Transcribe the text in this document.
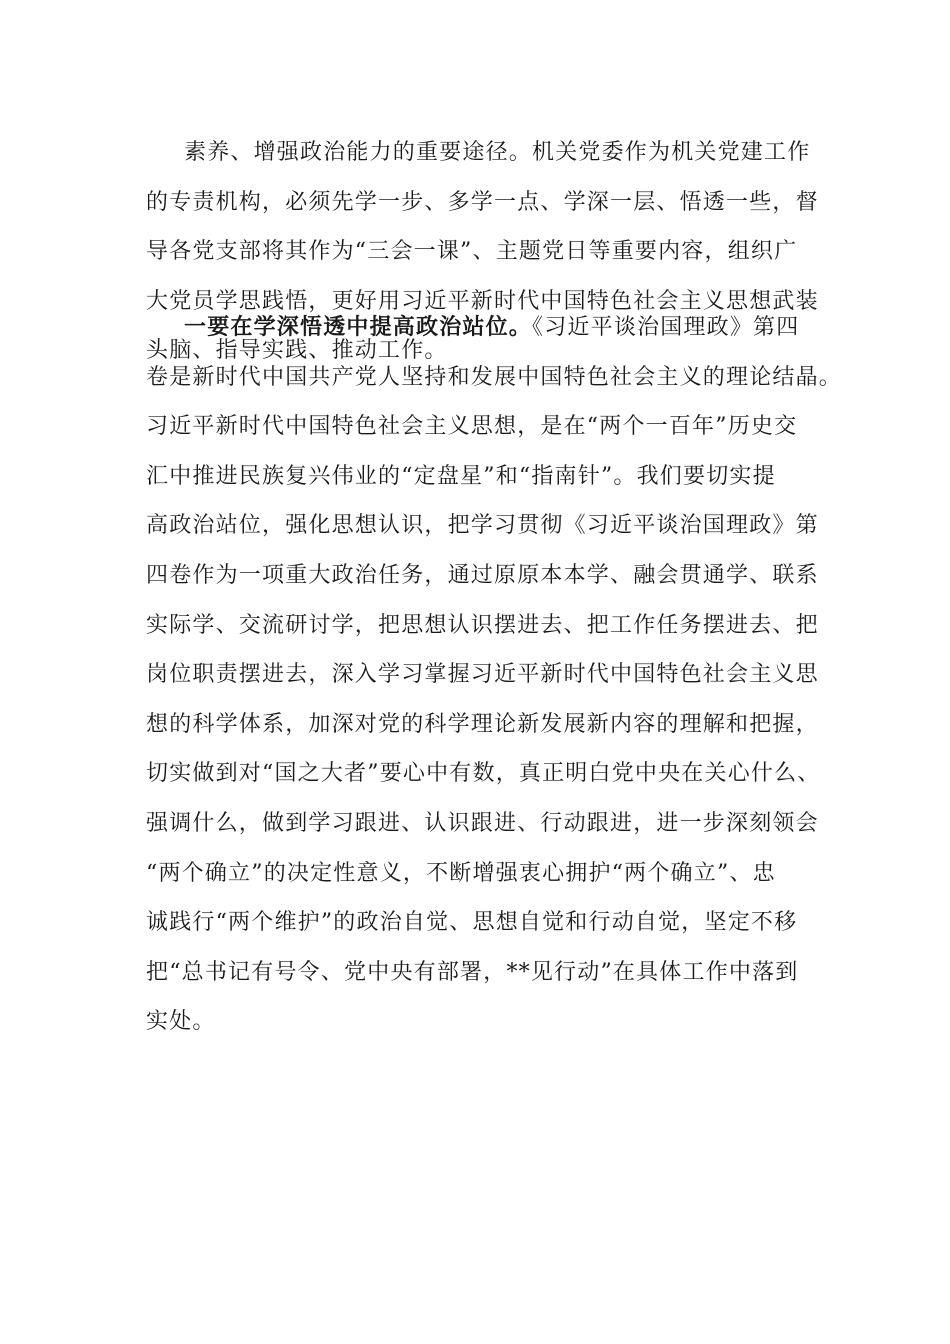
素养、增强政治能力的重要途径。机关党委作为机关党建工作
的专责机构，必须先学一步、多学一点、学深一层、悟透一些，督
导各党支部将其作为“三会一课”、主题党日等重要内容，组织广
大党员学思践悟，更好用习近平新时代中国特色社会主义思想武装
头脑、指导实践、推动工作。
一要在学深悟透中提高政治站位。《习近平谈治国理政》第四
卷是新时代中国共产党人坚持和发展中国特色社会主义的理论结晶。
习近平新时代中国特色社会主义思想，是在“两个一百年”历史交
汇中推进民族复兴伟业的“定盘星”和“指南针”。我们要切实提
高政治站位，强化思想认识，把学习贯彻《习近平谈治国理政》第
四卷作为一项重大政治任务，通过原原本本学、融会贯通学、联系
实际学、交流研讨学，把思想认识摆进去、把工作任务摆进去、把
岗位职责摆进去，深入学习掌握习近平新时代中国特色社会主义思
想的科学体系，加深对党的科学理论新发展新内容的理解和把握，
切实做到对“国之大者”要心中有数，真正明白党中央在关心什么、
强调什么，做到学习跟进、认识跟进、行动跟进，进一步深刻领会
“两个确立”的决定性意义，不断增强衷心拥护“两个确立”、忠
诚践行“两个维护”的政治自觉、思想自觉和行动自觉，坚定不移
把“总书记有号令、党中央有部署，**见行动”在具体工作中落到
实处。
